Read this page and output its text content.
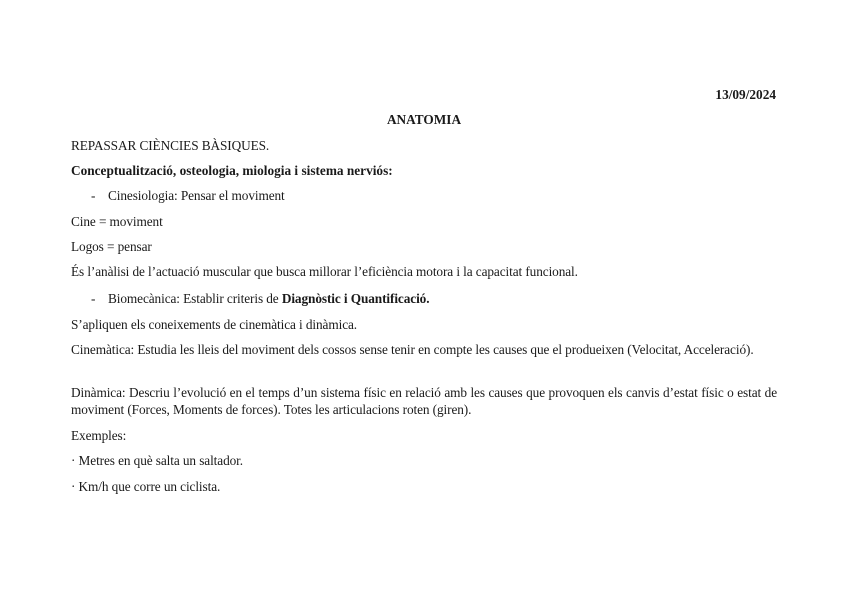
13/09/2024
ANATOMIA
REPASSAR CIÈNCIES BÀSIQUES.
Conceptualització, osteologia, miologia i sistema nerviós:
- Cinesiologia: Pensar el moviment
Cine = moviment
Logos = pensar
És l’anàlisi de l’actuació muscular que busca millorar l’eficiència motora i la capacitat funcional.
- Biomecànica: Establir criteris de Diagnòstic i Quantificació.
S’apliquen els coneixements de cinemàtica i dinàmica.
Cinemàtica: Estudia les lleis del moviment dels cossos sense tenir en compte les causes que el produeixen (Velocitat, Acceleració).
Dinàmica: Descriu l’evolució en el temps d’un sistema físic en relació amb les causes que provoquen els canvis d’estat físic o estat de moviment (Forces, Moments de forces). Totes les articulacions roten (giren).
Exemples:
· Metres en què salta un saltador.
· Km/h que corre un ciclista.
